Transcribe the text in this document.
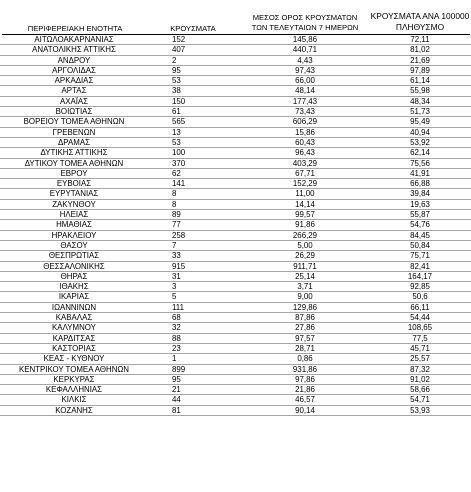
ΠΕΡΙΦΕΡΕΙΑΚΗ ΕΝΟΤΗΤΑ	ΚΡΟΥΣΜΑΤΑ
ΜΕΣΟΣ ΟΡΟΣ ΚΡΟΥΣΜΑΤΩΝ
ΤΩΝ ΤΕΛΕΥΤΑΙΩΝ 7 ΗΜΕΡΩΝ
ΚΡΟΥΣΜΑΤΑ ΑΝΑ 100000
ΠΛΗΘΥΣΜΟ
ΑΙΤΩΛΟΑΚΑΡΝΑΝΙΑΣ	152	145,86	72,11
ΑΝΑΤΟΛΙΚΗΣ ΑΤΤΙΚΗΣ	407	440,71	81,02
ΑΝΔΡΟΥ	2	4,43	21,69
ΑΡΓΟΛΙΔΑΣ	95	97,43	97,89
ΑΡΚΑΔΙΑΣ	53	66,00	61,14
ΑΡΤΑΣ	38	48,14	55,98
ΑΧΑΪΑΣ	150	177,43	48,34
ΒΟΙΩΤΙΑΣ	61	73,43	51,73
ΒΟΡΕΙΟΥ ΤΟΜΕΑ ΑΘΗΝΩΝ	565	606,29	95,49
ΓΡΕΒΕΝΩΝ	13	15,86	40,94
ΔΡΑΜΑΣ	53	60,43	53,92
ΔΥΤΙΚΗΣ ΑΤΤΙΚΗΣ	100	96,43	62,14
ΔΥΤΙΚΟΥ ΤΟΜΕΑ ΑΘΗΝΩΝ	370	403,29	75,56
ΕΒΡΟΥ	62	67,71	41,91
ΕΥΒΟΙΑΣ	141	152,29	66,88
ΕΥΡΥΤΑΝΙΑΣ	8	11,00	39,84
ΖΑΚΥΝΘΟΥ	8	14,14	19,63
ΗΛΕΙΑΣ	89	99,57	55,87
ΗΜΑΘΙΑΣ	77	91,86	54,76
ΗΡΑΚΛΕΙΟΥ	258	266,29	84,45
ΘΑΣΟΥ	7	5,00	50,84
ΘΕΣΠΡΩΤΙΑΣ	33	26,29	75,71
ΘΕΣΣΑΛΟΝΙΚΗΣ	915	911,71	82,41
ΘΗΡΑΣ	31	25,14	164,17
ΙΘΑΚΗΣ	3	3,71	92,85
ΙΚΑΡΙΑΣ	5	9,00	50,6
ΙΩΑΝΝΙΝΩΝ	111	129,86	66,11
ΚΑΒΑΛΑΣ	68	87,86	54,44
ΚΑΛΥΜΝΟΥ	32	27,86	108,65
ΚΑΡΔΙΤΣΑΣ	88	97,57	77,5
ΚΑΣΤΟΡΙΑΣ	23	28,71	45,71
ΚΕΑΣ - ΚΥΘΝΟΥ	1	0,86	25,57
ΚΕΝΤΡΙΚΟΥ ΤΟΜΕΑ ΑΘΗΝΩΝ	899	931,86	87,32
ΚΕΡΚΥΡΑΣ	95	97,86	91,02
ΚΕΦΑΛΛΗΝΙΑΣ	21	21,86	58,66
ΚΙΛΚΙΣ	44	46,57	54,71
ΚΟΖΑΝΗΣ	81	90,14	53,93
